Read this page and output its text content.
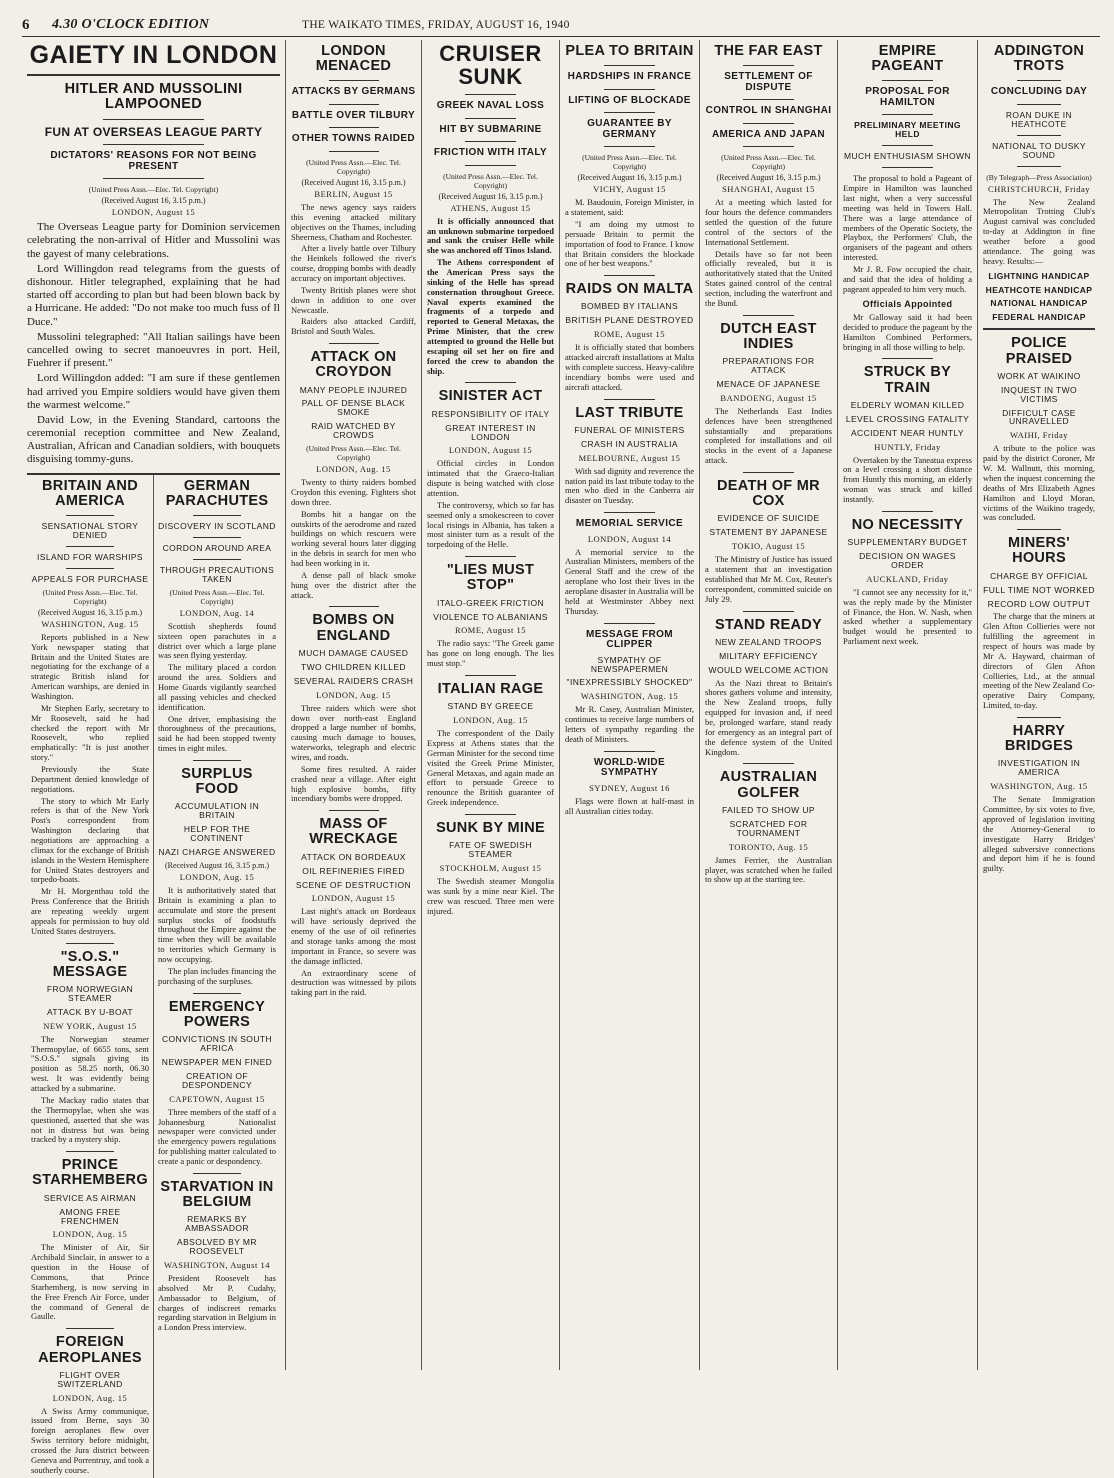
6	4.30 O'CLOCK EDITION	THE WAIKATO TIMES, FRIDAY, AUGUST 16, 1940
GAIETY IN LONDON
HITLER AND MUSSOLINI LAMPOONED
FUN AT OVERSEAS LEAGUE PARTY
DICTATORS' REASONS FOR NOT BEING PRESENT
(United Press Assn.—Elec. Tel. Copyright)
(Received August 16, 3.15 p.m.)
LONDON, August 15

The Overseas League party for Dominion servicemen celebrating the non-arrival of Hitler and Mussolini was the gayest of many celebrations.

Lord Willingdon read telegrams from the guests of dishonour. Hitler telegraphed, explaining that he had started off according to plan but had been blown back by a Hurricane. He added: "Do not make too much fuss of Il Duce."

Mussolini telegraphed: "All Italian sailings have been cancelled owing to secret manoeuvres in port. Heil, Fuehrer if present."

Lord Willingdon added: "I am sure if these gentlemen had arrived you Empire soldiers would have given them the warmest welcome."

David Low, in the Evening Standard, cartoons the ceremonial reception committee and New Zealand, Australian, African and Canadian soldiers, with bouquets disguising tommy-guns.

BRITAIN AND AMERICA
SENSATIONAL STORY DENIED
ISLAND FOR WARSHIPS
APPEALS FOR PURCHASE
(United Press Assn.—Elec. Tel. Copyright)
(Received August 16, 3.15 p.m.)
WASHINGTON, Aug. 15

Reports published in a New York newspaper stating that Britain and the United States are negotiating for the exchange of a strategic British island for American warships, are denied in Washington.

Mr Stephen Early, secretary to Mr Roosevelt, said he had checked the report with Mr Roosevelt, who replied emphatically: "It is just another story."

Previously the State Department denied knowledge of negotiations.

The story to which Mr Early refers is that of the New York Post's correspondent from Washington declaring that negotiations are approaching a climax for the exchange of British islands in the Western Hemisphere for United States destroyers and torpedo-boats.

Mr H. Morgenthau told the Press Conference that the British are repeating weekly urgent appeals for permission to buy old United States destroyers.

"S.O.S." MESSAGE
FROM NORWEGIAN STEAMER
ATTACK BY U-BOAT
NEW YORK, August 15

The Norwegian steamer Thermopylae, of 6655 tons, sent "S.O.S." signals giving its position as 58.25 north, 06.30 west. It was evidently being attacked by a submarine.

The Mackay radio states that the Thermopylae, when she was questioned, asserted that she was not in distress but was being tracked by a mystery ship.

PRINCE STARHEMBERG
SERVICE AS AIRMAN
AMONG FREE FRENCHMEN
LONDON, Aug. 15

The Minister of Air, Sir Archibald Sinclair, in answer to a question in the House of Commons, that Prince Starhemberg, is now serving in the Free French Air Force, under the command of General de Gaulle.

FOREIGN AEROPLANES
FLIGHT OVER SWITZERLAND
LONDON, Aug. 15

A Swiss Army communique, issued from Berne, says 30 foreign aeroplanes flew over Swiss territory before midnight, crossed the Jura district between Geneva and Porrentruy, and took a southerly course.

GERMAN PARACHUTES
DISCOVERY IN SCOTLAND
CORDON AROUND AREA
THROUGH PRECAUTIONS TAKEN
(United Press Assn.—Elec. Tel. Copyright)
LONDON, Aug. 14

Scottish shepherds found sixteen open parachutes in a district over which a large plane was seen flying yesterday.

The military placed a cordon around the area. Soldiers and Home Guards vigilantly searched all passing vehicles and checked identification.

One driver, emphasising the thoroughness of the precautions, said he had been stopped twenty times in eight miles.

SURPLUS FOOD
ACCUMULATION IN BRITAIN
HELP FOR THE CONTINENT
NAZI CHARGE ANSWERED
(Received August 16, 3.15 p.m.)
LONDON, Aug. 15

It is authoritatively stated that Britain is examining a plan to accumulate and store the present surplus stocks of foodstuffs throughout the Empire against the time when they will be available to territories which Germany is now occupying.

The plan includes financing the purchasing of the surpluses.

EMERGENCY POWERS
CONVICTIONS IN SOUTH AFRICA
NEWSPAPER MEN FINED
CREATION OF DESPONDENCY
CAPETOWN, August 15

Three members of the staff of a Johannesburg Nationalist newspaper were convicted under the emergency powers regulations for publishing matter calculated to create a panic or despondency.

STARVATION IN BELGIUM
REMARKS BY AMBASSADOR
ABSOLVED BY MR ROOSEVELT
WASHINGTON, August 14

President Roosevelt has absolved Mr P. Cudahy, Ambassador to Belgium, of charges of indiscreet remarks regarding starvation in Belgium in a London Press interview.

LONDON MENACED
ATTACKS BY GERMANS
BATTLE OVER TILBURY
OTHER TOWNS RAIDED
(United Press Assn.—Elec. Tel. Copyright)
(Received August 16, 3.15 p.m.)
BERLIN, August 15

The news agency says raiders this evening attacked military objectives on the Thames, including Sheerness, Chatham and Rochester.

After a lively battle over Tilbury the Heinkels followed the river's course, dropping bombs with deadly accuracy on important objectives.

Twenty British planes were shot down in addition to one over Newcastle.

Raiders also attacked Cardiff, Bristol and South Wales.

ATTACK ON CROYDON
MANY PEOPLE INJURED
PALL OF DENSE BLACK SMOKE
RAID WATCHED BY CROWDS
(United Press Assn.—Elec. Tel. Copyright)
LONDON, Aug. 15

Twenty to thirty raiders bombed Croydon this evening. Fighters shot down three.

Bombs hit a hangar on the outskirts of the aerodrome and razed buildings on which rescuers were working several hours later digging in the debris in search for men who had been working in it.

A dense pall of black smoke hung over the district after the attack.

BOMBS ON ENGLAND
MUCH DAMAGE CAUSED
TWO CHILDREN KILLED
SEVERAL RAIDERS CRASH
LONDON, Aug. 15

Three raiders which were shot down over north-east England dropped a large number of bombs, causing much damage to houses, waterworks, telegraph and electric wires, and roads.

Some fires resulted. A raider crashed near a village. After eight high explosive bombs, fifty incendiary bombs were dropped.

MASS OF WRECKAGE
ATTACK ON BORDEAUX
OIL REFINERIES FIRED
SCENE OF DESTRUCTION
LONDON, August 15

Last night's attack on Bordeaux will have seriously deprived the enemy of the use of oil refineries and storage tanks among the most important in France, so severe was the damage inflicted.

An extraordinary scene of destruction was witnessed by pilots taking part in the raid.

CRUISER SUNK
GREEK NAVAL LOSS
HIT BY SUBMARINE
FRICTION WITH ITALY
(United Press Assn.—Elec. Tel. Copyright)
(Received August 16, 3.15 p.m.)
ATHENS, August 15

It is officially announced that an unknown submarine torpedoed and sank the cruiser Helle while she was anchored off Tinos Island.

The Athens correspondent of the American Press says the sinking of the Helle has spread consternation throughout Greece. Naval experts examined the fragments of a torpedo and reported to General Metaxas, the Prime Minister, that the crew attempted to ground the Helle but escaping oil set her on fire and forced the crew to abandon the ship.

SINISTER ACT
RESPONSIBILITY OF ITALY
GREAT INTEREST IN LONDON
LONDON, August 15

Official circles in London intimated that the Graeco-Italian dispute is being watched with close attention.

The controversy, which so far has seemed only a smokescreen to cover local risings in Albania, has taken a most sinister turn as a result of the torpedoing of the Helle.

"LIES MUST STOP"
ITALO-GREEK FRICTION
VIOLENCE TO ALBANIANS
ROME, August 15

The radio says: "The Greek game has gone on long enough. The lies must stop."

ITALIAN RAGE
STAND BY GREECE
LONDON, Aug. 15

The correspondent of the Daily Express at Athens states that the German Minister for the second time visited the Greek Prime Minister, General Metaxas, and again made an effort to persuade Greece to renounce the British guarantee of Greek independence.

SUNK BY MINE
FATE OF SWEDISH STEAMER
STOCKHOLM, August 15

The Swedish steamer Mongolia was sunk by a mine near Kiel. The crew was rescued. Three men were injured.

PLEA TO BRITAIN
HARDSHIPS IN FRANCE
LIFTING OF BLOCKADE
GUARANTEE BY GERMANY
(United Press Assn.—Elec. Tel. Copyright)
(Received August 16, 3.15 p.m.)
VICHY, August 15

M. Baudouin, Foreign Minister, in a statement, said:

"I am doing my utmost to persuade Britain to permit the importation of food to France. I know that Britain considers the blockade one of her best weapons."

RAIDS ON MALTA
BOMBED BY ITALIANS
BRITISH PLANE DESTROYED
ROME, August 15

It is officially stated that bombers attacked aircraft installations at Malta with complete success. Heavy-calibre incendiary bombs were used and aircraft attacked.

LAST TRIBUTE
FUNERAL OF MINISTERS
CRASH IN AUSTRALIA
MELBOURNE, August 15

With sad dignity and reverence the nation paid its last tribute today to the men who died in the Canberra air disaster on Tuesday.

MEMORIAL SERVICE
LONDON, August 14

A memorial service to the Australian Ministers, members of the General Staff and the crew of the aeroplane who lost their lives in the aeroplane disaster in Australia will be held at Westminster Abbey next Thursday.

MESSAGE FROM CLIPPER
SYMPATHY OF NEWSPAPERMEN
"INEXPRESSIBLY SHOCKED"
WASHINGTON, Aug. 15

Mr R. Casey, Australian Minister, continues to receive large numbers of letters of sympathy regarding the death of Ministers.

WORLD-WIDE SYMPATHY
SYDNEY, August 16

Flags were flown at half-mast in all Australian cities today.

THE FAR EAST
SETTLEMENT OF DISPUTE
CONTROL IN SHANGHAI
AMERICA AND JAPAN
(United Press Assn.—Elec. Tel. Copyright)
(Received August 16, 3.15 p.m.)
SHANGHAI, August 15

At a meeting which lasted for four hours the defence commanders settled the question of the future control of the sectors of the International Settlement.

Details have so far not been officially revealed, but it is authoritatively stated that the United States gained control of the central section, including the waterfront and the Bund.

DUTCH EAST INDIES
PREPARATIONS FOR ATTACK
MENACE OF JAPANESE
BANDOENG, August 15

The Netherlands East Indies defences have been strengthened substantially and preparations completed for installations and oil stocks in the event of a Japanese attack.

DEATH OF MR COX
EVIDENCE OF SUICIDE
STATEMENT BY JAPANESE
TOKIO, August 15

The Ministry of Justice has issued a statement that an investigation established that Mr M. Cox, Reuter's correspondent, committed suicide on July 29.

STAND READY
NEW ZEALAND TROOPS
MILITARY EFFICIENCY
WOULD WELCOME ACTION

As the Nazi threat to Britain's shores gathers volume and intensity, the New Zealand troops, fully equipped for invasion and, if need be, prolonged warfare, stand ready for emergency as an integral part of the defence system of the United Kingdom.

AUSTRALIAN GOLFER
FAILED TO SHOW UP
SCRATCHED FOR TOURNAMENT
TORONTO, Aug. 15

James Ferrier, the Australian player, was scratched when he failed to show up at the starting tee.

EMPIRE PAGEANT
PROPOSAL FOR HAMILTON
PRELIMINARY MEETING HELD
MUCH ENTHUSIASM SHOWN

The proposal to hold a Pageant of Empire in Hamilton was launched last night, when a very successful meeting was held in Towers Hall. There was a large attendance of members of the Operatic Society, the Playbox, the Performers' Club, the organisers of the pageant and others interested.

Mr J. R. Fow occupied the chair, and said that the idea of holding a pageant appealed to him very much.

Officials Appointed

Mr Galloway said it had been decided to produce the pageant by the Hamilton Combined Performers, bringing in all those willing to help.

STRUCK BY TRAIN
ELDERLY WOMAN KILLED
LEVEL CROSSING FATALITY
ACCIDENT NEAR HUNTLY
HUNTLY, Friday

Overtaken by the Taneatua express on a level crossing a short distance from Huntly this morning, an elderly woman was struck and killed instantly.

NO NECESSITY
SUPPLEMENTARY BUDGET
DECISION ON WAGES ORDER
AUCKLAND, Friday

"I cannot see any necessity for it," was the reply made by the Minister of Finance, the Hon. W. Nash, when asked whether a supplementary budget would be presented to Parliament next week.

ADDINGTON TROTS
CONCLUDING DAY
ROAN DUKE IN HEATHCOTE
NATIONAL TO DUSKY SOUND
(By Telegraph—Press Association)
CHRISTCHURCH, Friday

The New Zealand Metropolitan Trotting Club's August carnival was concluded to-day at Addington in fine weather before a good attendance. The going was heavy. Results:—

LIGHTNING HANDICAP
HEATHCOTE HANDICAP
NATIONAL HANDICAP
FEDERAL HANDICAP
POLICE PRAISED
WORK AT WAIKINO
INQUEST IN TWO VICTIMS
DIFFICULT CASE UNRAVELLED
WAIHI, Friday

A tribute to the police was paid by the district Coroner, Mr W. M. Wallnutt, this morning, when the inquest concerning the deaths of Mrs Elizabeth Agnes Hamilton and Lloyd Moran, victims of the Waikino tragedy, was concluded.

MINERS' HOURS
CHARGE BY OFFICIAL
FULL TIME NOT WORKED
RECORD LOW OUTPUT

The charge that the miners at Glen Afton Collieries were not fulfilling the agreement in respect of hours was made by Mr A. Hayward, chairman of directors of Glen Afton Collieries, Ltd., at the annual meeting of the New Zealand Co-operative Dairy Company, Limited, to-day.

HARRY BRIDGES
INVESTIGATION IN AMERICA
WASHINGTON, Aug. 15

The Senate Immigration Committee, by six votes to five, approved of legislation inviting the Attorney-General to investigate Harry Bridges' alleged subversive connections and deport him if he is found guilty.
